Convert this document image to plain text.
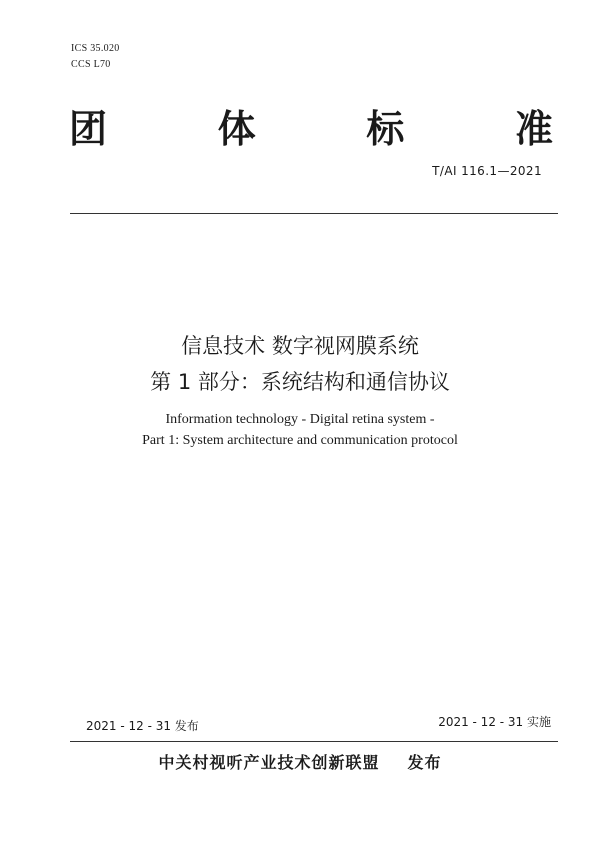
ICS 35.020
CCS L70
团	体	标	准
T/AI 116.1—2021
信息技术 数字视网膜系统
第 1 部分：系统结构和通信协议
Information technology - Digital retina system -
Part 1: System architecture and communication protocol
2021 - 12 - 31 发布	2021 - 12 - 31 实施
中关村视听产业技术创新联盟 发布
